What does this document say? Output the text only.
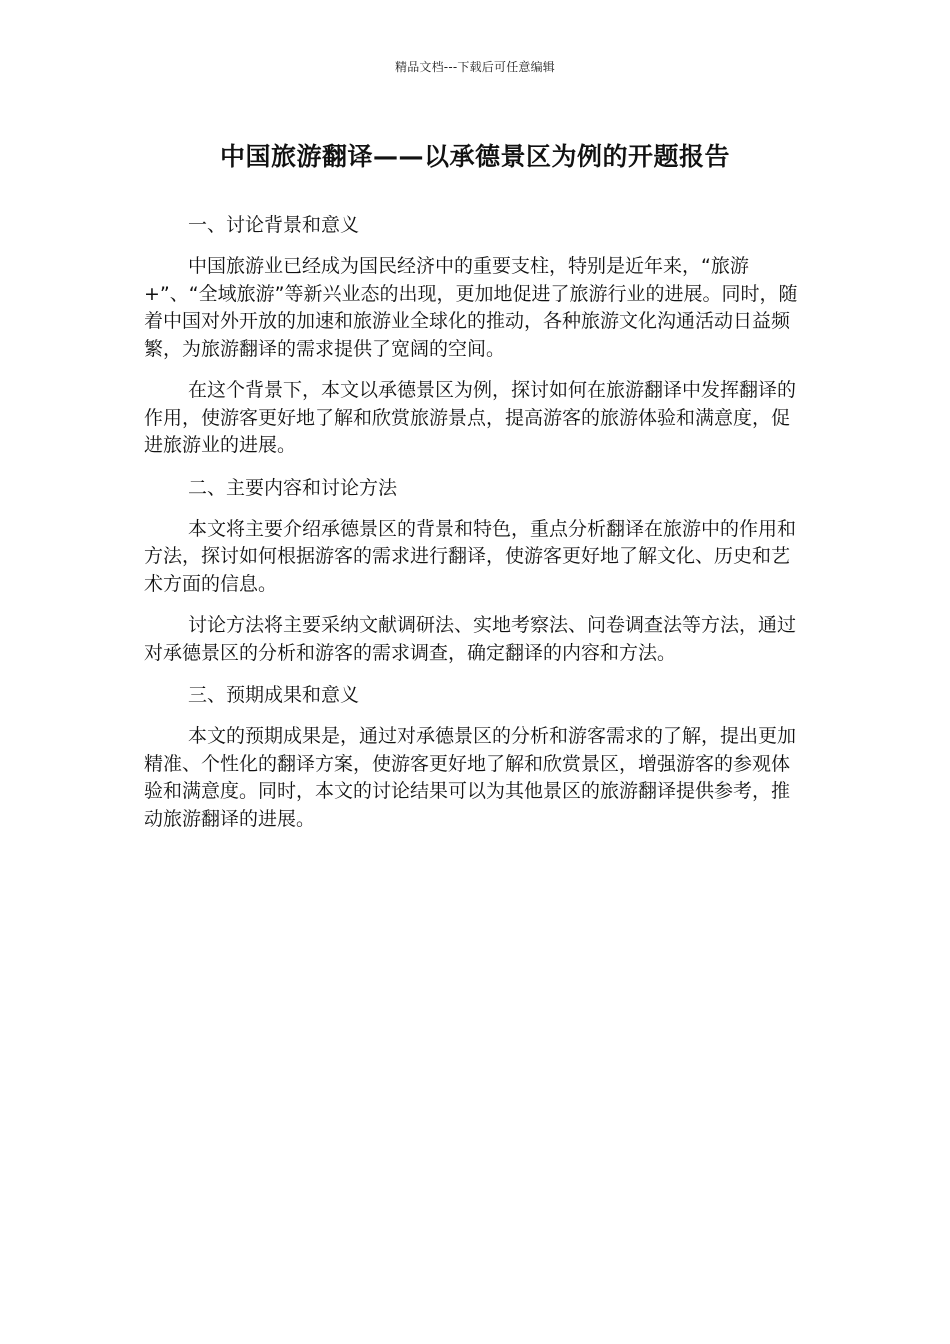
精品文档---下载后可任意编辑
中国旅游翻译——以承德景区为例的开题报告
一、讨论背景和意义

中国旅游业已经成为国民经济中的重要支柱，特别是近年来，“旅游+”、“全域旅游”等新兴业态的出现，更加地促进了旅游行业的进展。同时，随着中国对外开放的加速和旅游业全球化的推动，各种旅游文化沟通活动日益频繁，为旅游翻译的需求提供了宽阔的空间。

在这个背景下，本文以承德景区为例，探讨如何在旅游翻译中发挥翻译的作用，使游客更好地了解和欣赏旅游景点，提高游客的旅游体验和满意度，促进旅游业的进展。

二、主要内容和讨论方法

本文将主要介绍承德景区的背景和特色，重点分析翻译在旅游中的作用和方法，探讨如何根据游客的需求进行翻译，使游客更好地了解文化、历史和艺术方面的信息。

讨论方法将主要采纳文献调研法、实地考察法、问卷调查法等方法，通过对承德景区的分析和游客的需求调查，确定翻译的内容和方法。

三、预期成果和意义

本文的预期成果是，通过对承德景区的分析和游客需求的了解，提出更加精准、个性化的翻译方案，使游客更好地了解和欣赏景区，增强游客的参观体验和满意度。同时，本文的讨论结果可以为其他景区的旅游翻译提供参考，推动旅游翻译的进展。
